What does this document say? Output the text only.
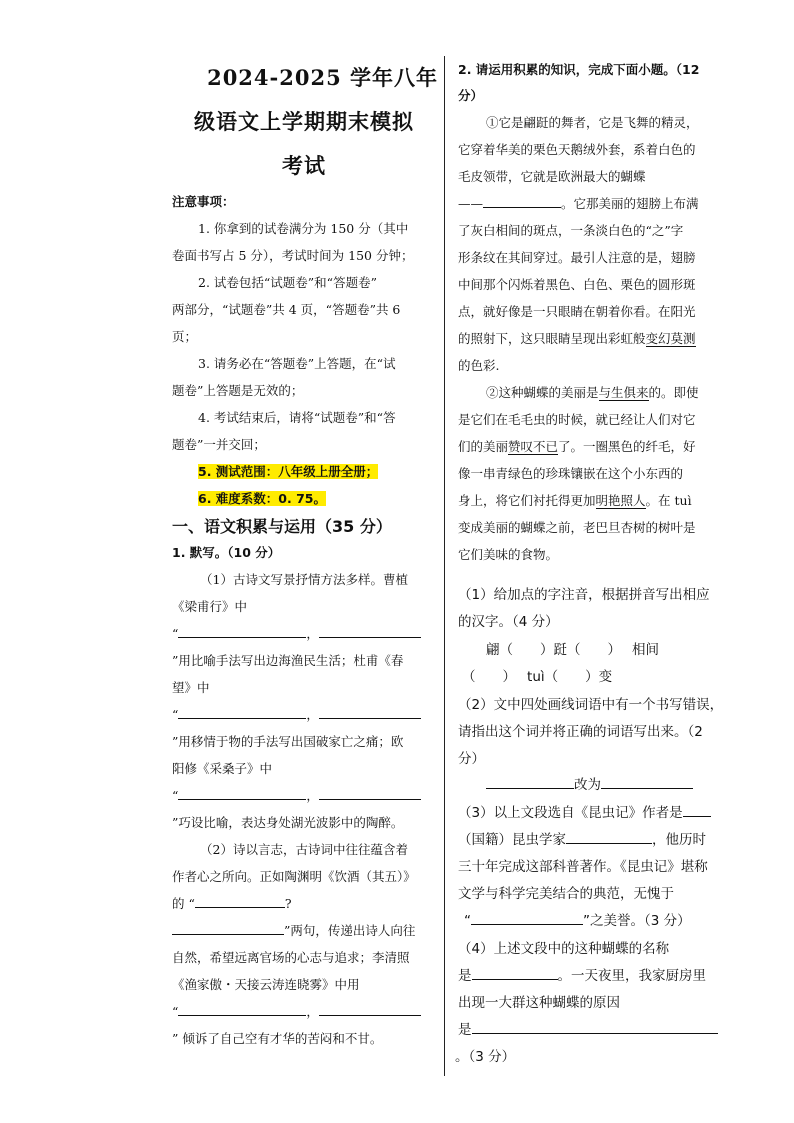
2024-2025 学年八年
级语文上学期期末模拟
考试
注意事项：
1. 你拿到的试卷满分为 150 分（其中
卷面书写占 5 分），考试时间为 150 分钟；
2. 试卷包括“试题卷”和“答题卷”
两部分，“试题卷”共 4 页，“答题卷”共 6
页；
3. 请务必在“答题卷”上答题，在“试
题卷”上答题是无效的；
4. 考试结束后，请将“试题卷”和“答
题卷”一并交回；
5. 测试范围：八年级上册全册；
6. 难度系数：0. 75。
一、语文积累与运用（35 分）
1. 默写。（10 分）
（1）古诗文写景抒情方法多样。曹植
《梁甫行》中
“	，
”用比喻手法写出边海渔民生活；杜甫《春
望》中
“	，
”用移情于物的手法写出国破家亡之痛；欧
阳修《采桑子》中
“	，
”巧设比喻，表达身处湖光波影中的陶醉。
（2）诗以言志，古诗词中往往蕴含着
作者心之所向。正如陶渊明《饮酒（其五）》
的 “	?
”两句，传递出诗人向往
自然，希望远离官场的心志与追求；李清照
《渔家傲・天接云涛连晓雾》中用
“	，
” 倾诉了自己空有才华的苦闷和不甘。
2. 请运用积累的知识，完成下面小题。（12
分）
①它是翩跹的舞者，它是飞舞的精灵，
它穿着华美的栗色天鹅绒外套，系着白色的
毛皮领带，它就是欧洲最大的蝴蝶
——	。它那美丽的翅膀上布满
了灰白相间的斑点，一条淡白色的“之”字
形条纹在其间穿过。最引人注意的是，翅膀
中间那个闪烁着黑色、白色、栗色的圆形斑
点，就好像是一只眼睛在朝着你看。在阳光
的照射下，这只眼睛呈现出彩虹般变幻莫测
的色彩.
②这种蝴蝶的美丽是与生俱来的。即使
是它们在毛毛虫的时候，就已经让人们对它
们的美丽赞叹不已了。一圈黑色的纤毛，好
像一串青绿色的珍珠镶嵌在这个小东西的
身上，将它们衬托得更加明艳照人。在 tuì
变成美丽的蝴蝶之前，老巴旦杏树的树叶是
它们美味的食物。
（1）给加点的字注音，根据拼音写出相应
的汉字。（4 分）
翩（　　）跹（　　）　 相间
（　　）　 tuì（　　）变
（2）文中四处画线词语中有一个书写错误，
请指出这个词并将正确的词语写出来。（2
分）
改为
（3）以上文段选自《昆虫记》作者是
（国籍）昆虫学家	，他历时
三十年完成这部科普著作。《昆虫记》堪称
文学与科学完美结合的典范，无愧于
“	”之美誉。（3 分）
（4）上述文段中的这种蝴蝶的名称
是	。一天夜里，我家厨房里
出现一大群这种蝴蝶的原因
是
。（3 分）
